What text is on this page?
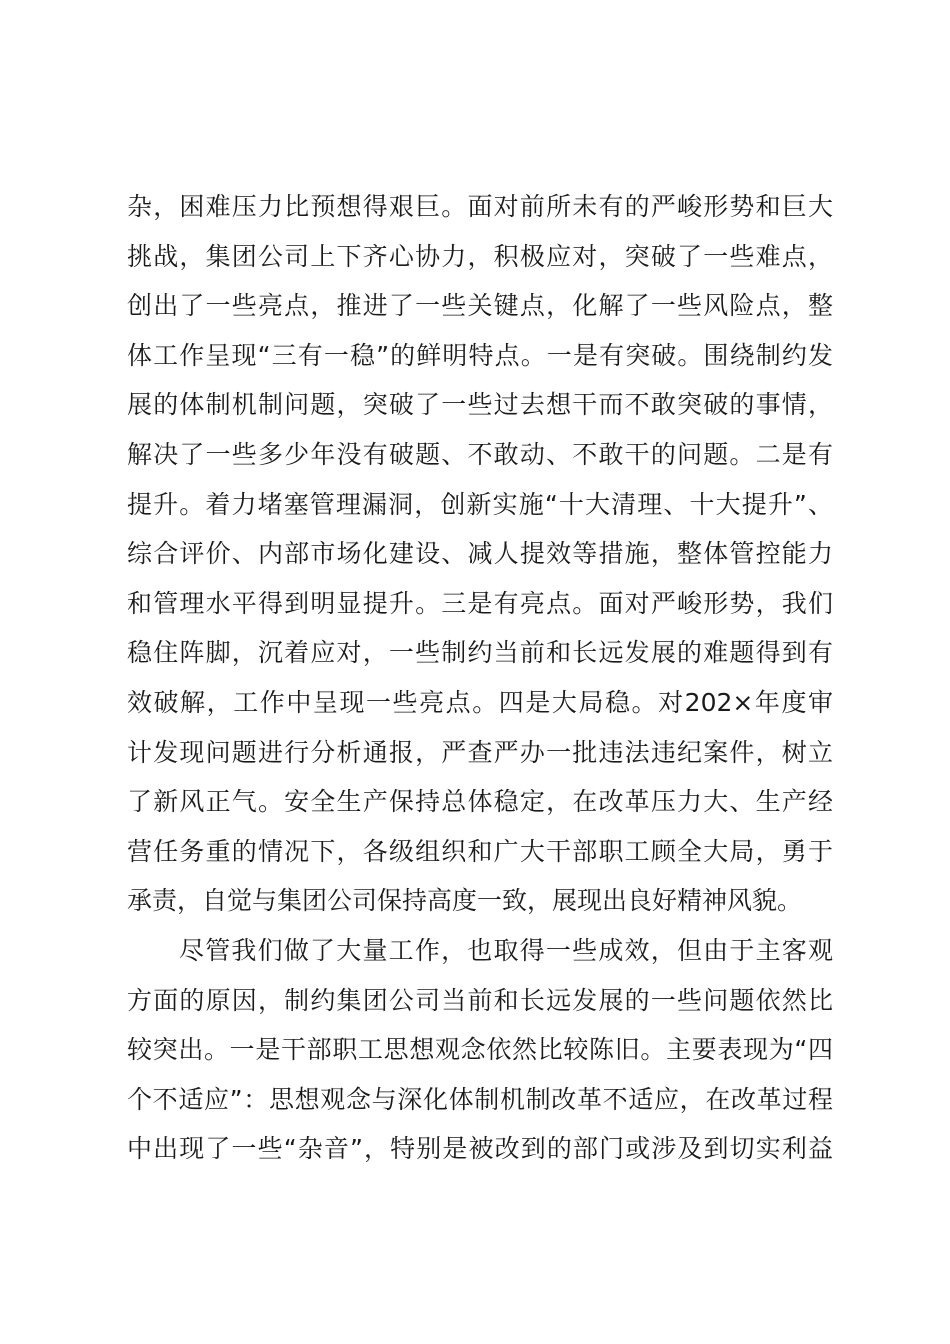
杂，困难压力比预想得艰巨。面对前所未有的严峻形势和巨大
挑战，集团公司上下齐心协力，积极应对，突破了一些难点，
创出了一些亮点，推进了一些关键点，化解了一些风险点，整
体工作呈现“三有一稳”的鲜明特点。一是有突破。围绕制约发
展的体制机制问题，突破了一些过去想干而不敢突破的事情，
解决了一些多少年没有破题、不敢动、不敢干的问题。二是有
提升。着力堵塞管理漏洞，创新实施“十大清理、十大提升”、
综合评价、内部市场化建设、减人提效等措施，整体管控能力
和管理水平得到明显提升。三是有亮点。面对严峻形势，我们
稳住阵脚，沉着应对，一些制约当前和长远发展的难题得到有
效破解，工作中呈现一些亮点。四是大局稳。对202×年度审
计发现问题进行分析通报，严查严办一批违法违纪案件，树立
了新风正气。安全生产保持总体稳定，在改革压力大、生产经
营任务重的情况下，各级组织和广大干部职工顾全大局，勇于
承责，自觉与集团公司保持高度一致，展现出良好精神风貌。
尽管我们做了大量工作，也取得一些成效，但由于主客观
方面的原因，制约集团公司当前和长远发展的一些问题依然比
较突出。一是干部职工思想观念依然比较陈旧。主要表现为“四
个不适应”：思想观念与深化体制机制改革不适应，在改革过程
中出现了一些“杂音”，特别是被改到的部门或涉及到切实利益
